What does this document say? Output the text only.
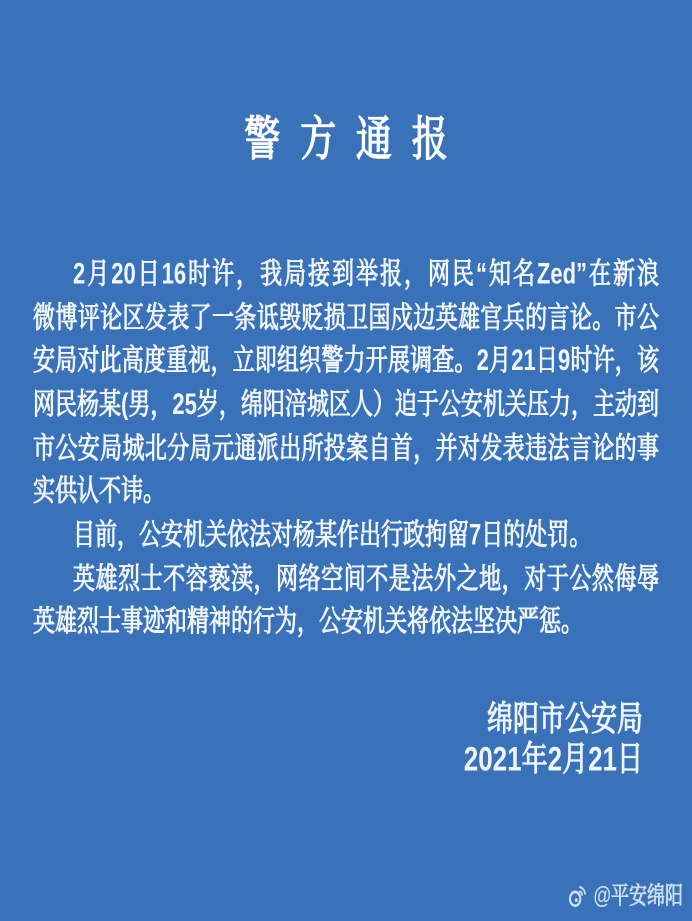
警方通报

2月20日16时许，我局接到举报，网民“知名Zed”在新浪
微博评论区发表了一条诋毁贬损卫国戍边英雄官兵的言论。市公
安局对此高度重视，立即组织警力开展调查。2月21日9时许，该
网民杨某(男，25岁，绵阳涪城区人）迫于公安机关压力，主动到
市公安局城北分局元通派出所投案自首，并对发表违法言论的事
实供认不讳。

目前，公安机关依法对杨某作出行政拘留7日的处罚。

英雄烈士不容亵渎，网络空间不是法外之地，对于公然侮辱
英雄烈士事迹和精神的行为，公安机关将依法坚决严惩。

绵阳市公安局
2021年2月21日
@平安绵阳
